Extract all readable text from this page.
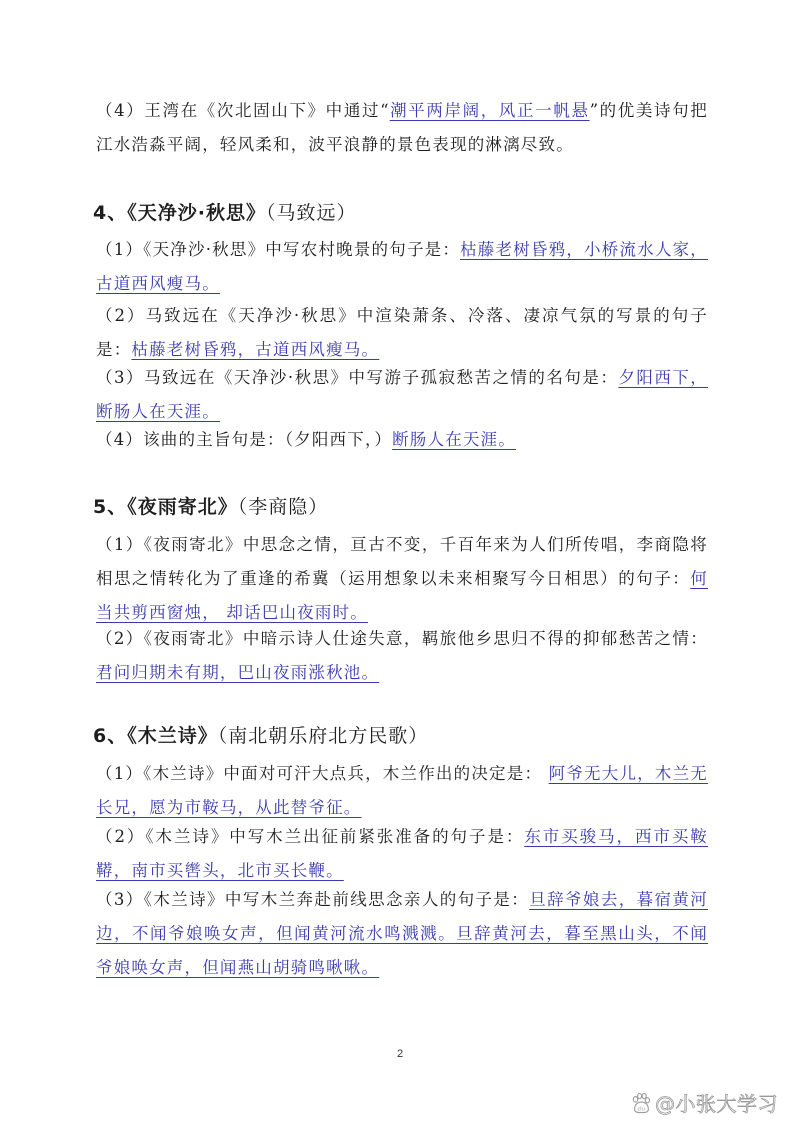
（4）王湾在《次北固山下》中通过“潮平两岸阔，风正一帆悬”的优美诗句把江水浩淼平阔，轻风柔和，波平浪静的景色表现的淋漓尽致。

4、《天净沙·秋思》（马致远）

（1）《天净沙·秋思》中写农村晚景的句子是：枯藤老树昏鸦，小桥流水人家，古道西风瘦马。

（2）马致远在《天净沙·秋思》中渲染萧条、冷落、凄凉气氛的写景的句子是：枯藤老树昏鸦，古道西风瘦马。

（3）马致远在《天净沙·秋思》中写游子孤寂愁苦之情的名句是：夕阳西下，断肠人在天涯。

（4）该曲的主旨句是：（夕阳西下，）断肠人在天涯。

5、《夜雨寄北》（李商隐）

（1）《夜雨寄北》中思念之情，亘古不变，千百年来为人们所传唱，李商隐将相思之情转化为了重逢的希冀（运用想象以未来相聚写今日相思）的句子：何当共剪西窗烛， 却话巴山夜雨时。

（2）《夜雨寄北》中暗示诗人仕途失意，羁旅他乡思归不得的抑郁愁苦之情：君问归期未有期，巴山夜雨涨秋池。

6、《木兰诗》（南北朝乐府北方民歌）

（1）《木兰诗》中面对可汗大点兵，木兰作出的决定是： 阿爷无大儿，木兰无长兄，愿为市鞍马，从此替爷征。

（2）《木兰诗》中写木兰出征前紧张准备的句子是：东市买骏马，西市买鞍鞯，南市买辔头，北市买长鞭。

（3）《木兰诗》中写木兰奔赴前线思念亲人的句子是：旦辞爷娘去，暮宿黄河边，不闻爷娘唤女声，但闻黄河流水鸣溅溅。旦辞黄河去，暮至黑山头，不闻爷娘唤女声，但闻燕山胡骑鸣啾啾。

2
du @小张大学习
